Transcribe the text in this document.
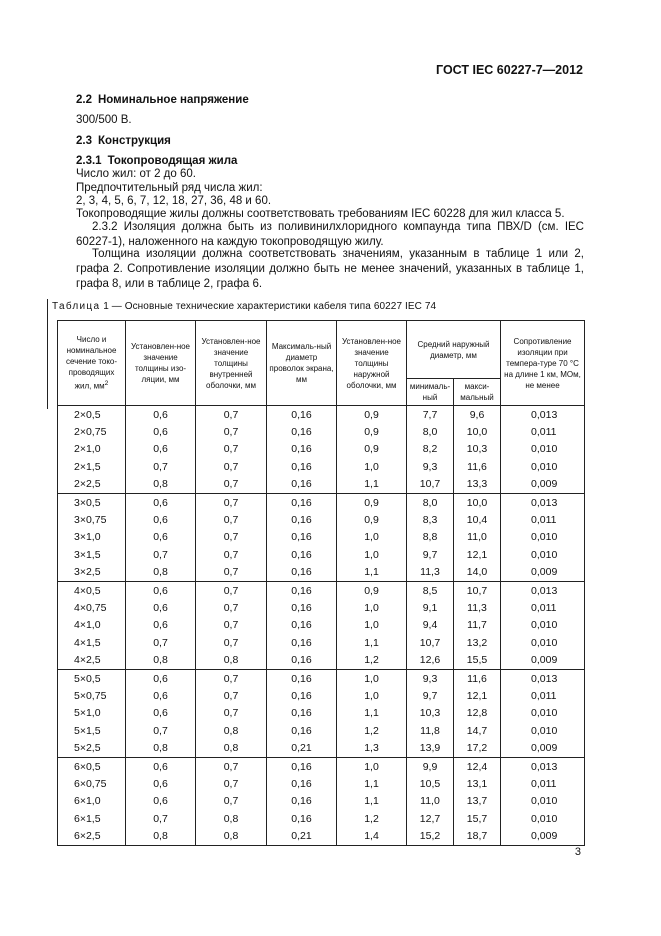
ГОСТ IEC 60227-7—2012

2.2 Номинальное напряжение

300/500 В.

2.3 Конструкция

2.3.1 Токопроводящая жила

Число жил: от 2 до 60.

Предпочтительный ряд числа жил:

2, 3, 4, 5, 6, 7, 12, 18, 27, 36, 48 и 60.

Токопроводящие жилы должны соответствовать требованиям IEC 60228 для жил класса 5.

2.3.2 Изоляция должна быть из поливинилхлоридного компаунда типа ПВХ/D (см. IEC 60227-1), наложенного на каждую токопроводящую жилу.

Толщина изоляции должна соответствовать значениям, указанным в таблице 1 или 2, графа 2. Сопротивление изоляции должно быть не менее значений, указанных в таблице 1, графа 8, или в таблице 2, графа 6.

Таблица 1 — Основные технические характеристики кабеля типа 60227 IEC 74
Число и номинальное сечение токо-проводящих жил, $мм^2$	Установлен-ное значение толщины изо-ляции, мм	Установлен-ное значение толщины внутренней оболочки, мм	Максималь-ный диаметр проволок экрана, мм	Установлен-ное значение толщины наружной оболочки, мм	Средний наружный диаметр, мм		Сопротивление изоляции при темпера-туре 70 °С на длине 1 км, МОм, не менее
					минималь-ный	макси-мальный	
2×0,5	0,6	0,7	0,16	0,9	7,7	9,6	0,013
2×0,75	0,6	0,7	0,16	0,9	8,0	10,0	0,011
2×1,0	0,6	0,7	0,16	0,9	8,2	10,3	0,010
2×1,5	0,7	0,7	0,16	1,0	9,3	11,6	0,010
2×2,5	0,8	0,7	0,16	1,1	10,7	13,3	0,009
3×0,5	0,6	0,7	0,16	0,9	8,0	10,0	0,013
3×0,75	0,6	0,7	0,16	0,9	8,3	10,4	0,011
3×1,0	0,6	0,7	0,16	1,0	8,8	11,0	0,010
3×1,5	0,7	0,7	0,16	1,0	9,7	12,1	0,010
3×2,5	0,8	0,7	0,16	1,1	11,3	14,0	0,009
4×0,5	0,6	0,7	0,16	0,9	8,5	10,7	0,013
4×0,75	0,6	0,7	0,16	1,0	9,1	11,3	0,011
4×1,0	0,6	0,7	0,16	1,0	9,4	11,7	0,010
4×1,5	0,7	0,7	0,16	1,1	10,7	13,2	0,010
4×2,5	0,8	0,8	0,16	1,2	12,6	15,5	0,009
5×0,5	0,6	0,7	0,16	1,0	9,3	11,6	0,013
5×0,75	0,6	0,7	0,16	1,0	9,7	12,1	0,011
5×1,0	0,6	0,7	0,16	1,1	10,3	12,8	0,010
5×1,5	0,7	0,8	0,16	1,2	11,8	14,7	0,010
5×2,5	0,8	0,8	0,21	1,3	13,9	17,2	0,009
6×0,5	0,6	0,7	0,16	1,0	9,9	12,4	0,013
6×0,75	0,6	0,7	0,16	1,1	10,5	13,1	0,011
6×1,0	0,6	0,7	0,16	1,1	11,0	13,7	0,010
6×1,5	0,7	0,8	0,16	1,2	12,7	15,7	0,010
6×2,5	0,8	0,8	0,21	1,4	15,2	18,7	0,009
3
